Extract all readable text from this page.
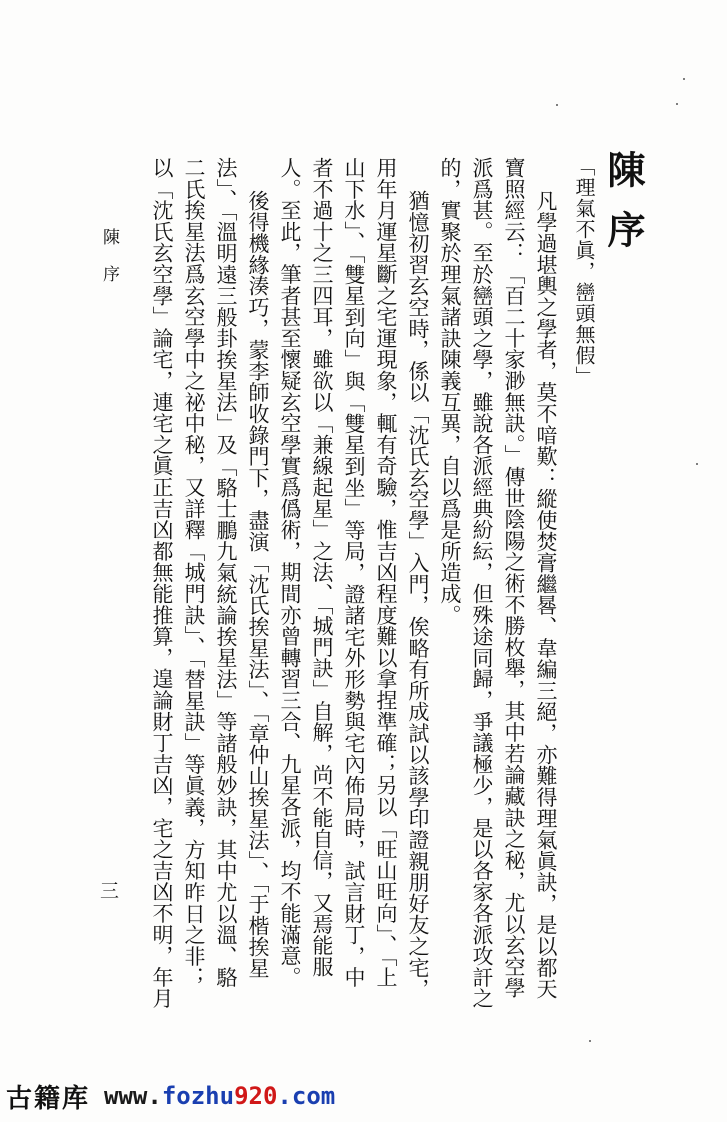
陳序
「理氣不眞，巒頭無假」
凡學過堪輿之學者，莫不喑歎：縱使焚膏繼晷、韋編三絕，亦難得理氣眞訣，是以都天
寶照經云：「百二十家渺無訣。」傳世陰陽之術不勝枚舉，其中若論藏訣之秘，尤以玄空學
派爲甚。至於巒頭之學，雖說各派經典紛紜，但殊途同歸，爭議極少，是以各家各派攻訐之
的，實聚於理氣諸訣陳義互異，自以爲是所造成。
猶憶初習玄空時，係以「沈氏玄空學」入門，俟略有所成試以該學印證親朋好友之宅，
用年月運星斷之宅運現象，輒有奇驗，惟吉凶程度難以拿捏準確；另以「旺山旺向」、「上
山下水」、「雙星到向」與「雙星到坐」等局，證諸宅外形勢與宅內佈局時，試言財丁，中
者不過十之三四耳，雖欲以「兼線起星」之法、「城門訣」自解，尚不能自信，又焉能服
人。至此，筆者甚至懷疑玄空學實爲僞術，期間亦曾轉習三合、九星各派，均不能滿意。
後得機緣湊巧，蒙李師收錄門下，盡演「沈氏挨星法」、「章仲山挨星法」、「于楷挨星
法」、「溫明遠三般卦挨星法」及「駱士鵬九氣統論挨星法」等諸般妙訣，其中尤以溫、駱
二氏挨星法爲玄空學中之祕中秘，又詳釋「城門訣」、「替星訣」等眞義，方知昨日之非；
以「沈氏玄空學」論宅，連宅之眞正吉凶都無能推算，遑論財丁吉凶，宅之吉凶不明，年月
陳序
三
古籍库 www.fozhu920.com
